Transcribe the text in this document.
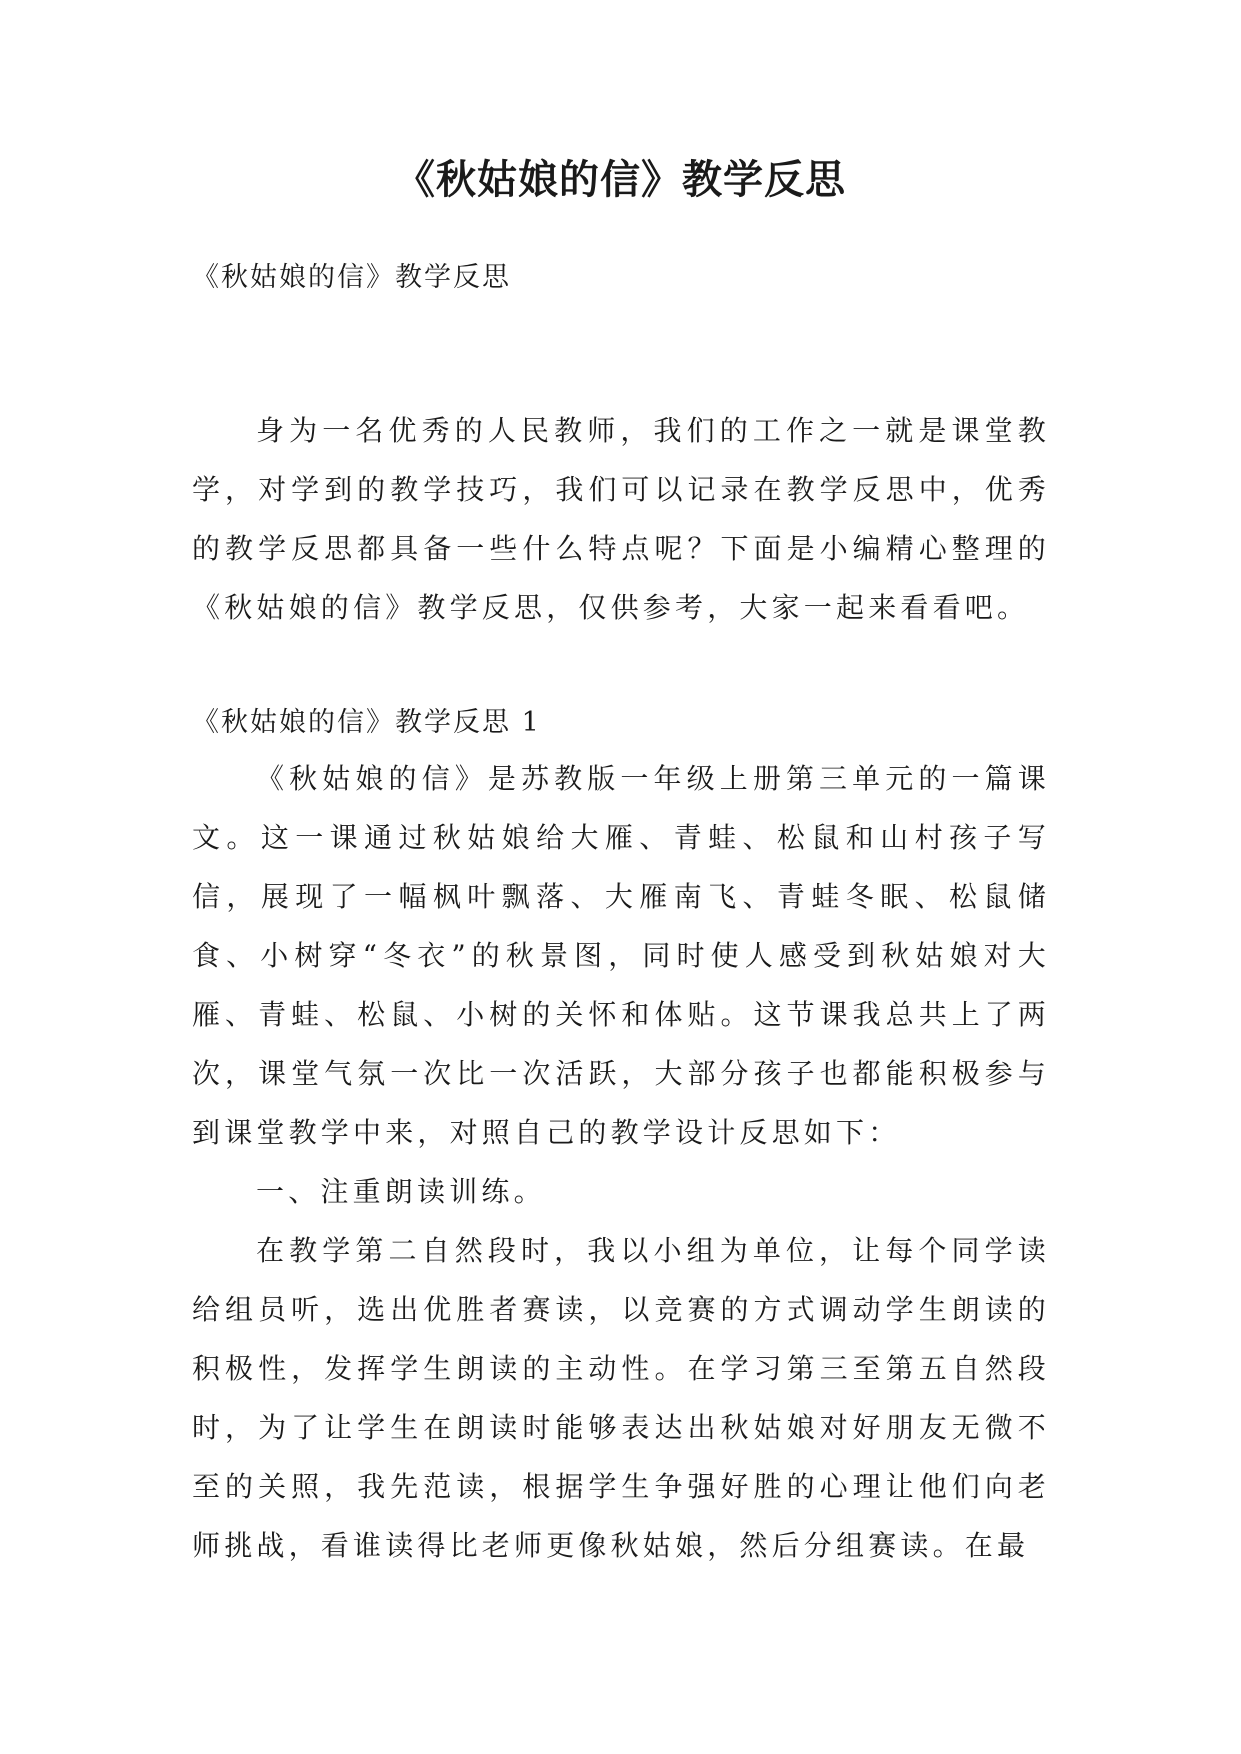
《秋姑娘的信》教学反思
《秋姑娘的信》教学反思

身为一名优秀的人民教师，我们的工作之一就是课堂教学，对学到的教学技巧，我们可以记录在教学反思中，优秀的教学反思都具备一些什么特点呢？下面是小编精心整理的《秋姑娘的信》教学反思，仅供参考，大家一起来看看吧。

《秋姑娘的信》教学反思 1

《秋姑娘的信》是苏教版一年级上册第三单元的一篇课文。这一课通过秋姑娘给大雁、青蛙、松鼠和山村孩子写信，展现了一幅枫叶飘落、大雁南飞、青蛙冬眠、松鼠储食、小树穿“冬衣”的秋景图，同时使人感受到秋姑娘对大雁、青蛙、松鼠、小树的关怀和体贴。这节课我总共上了两次，课堂气氛一次比一次活跃，大部分孩子也都能积极参与到课堂教学中来，对照自己的教学设计反思如下：

一、注重朗读训练。

在教学第二自然段时，我以小组为单位，让每个同学读给组员听，选出优胜者赛读，以竞赛的方式调动学生朗读的积极性，发挥学生朗读的主动性。在学习第三至第五自然段时，为了让学生在朗读时能够表达出秋姑娘对好朋友无微不至的关照，我先范读，根据学生争强好胜的心理让他们向老师挑战，看谁读得比老师更像秋姑娘，然后分组赛读。在最
